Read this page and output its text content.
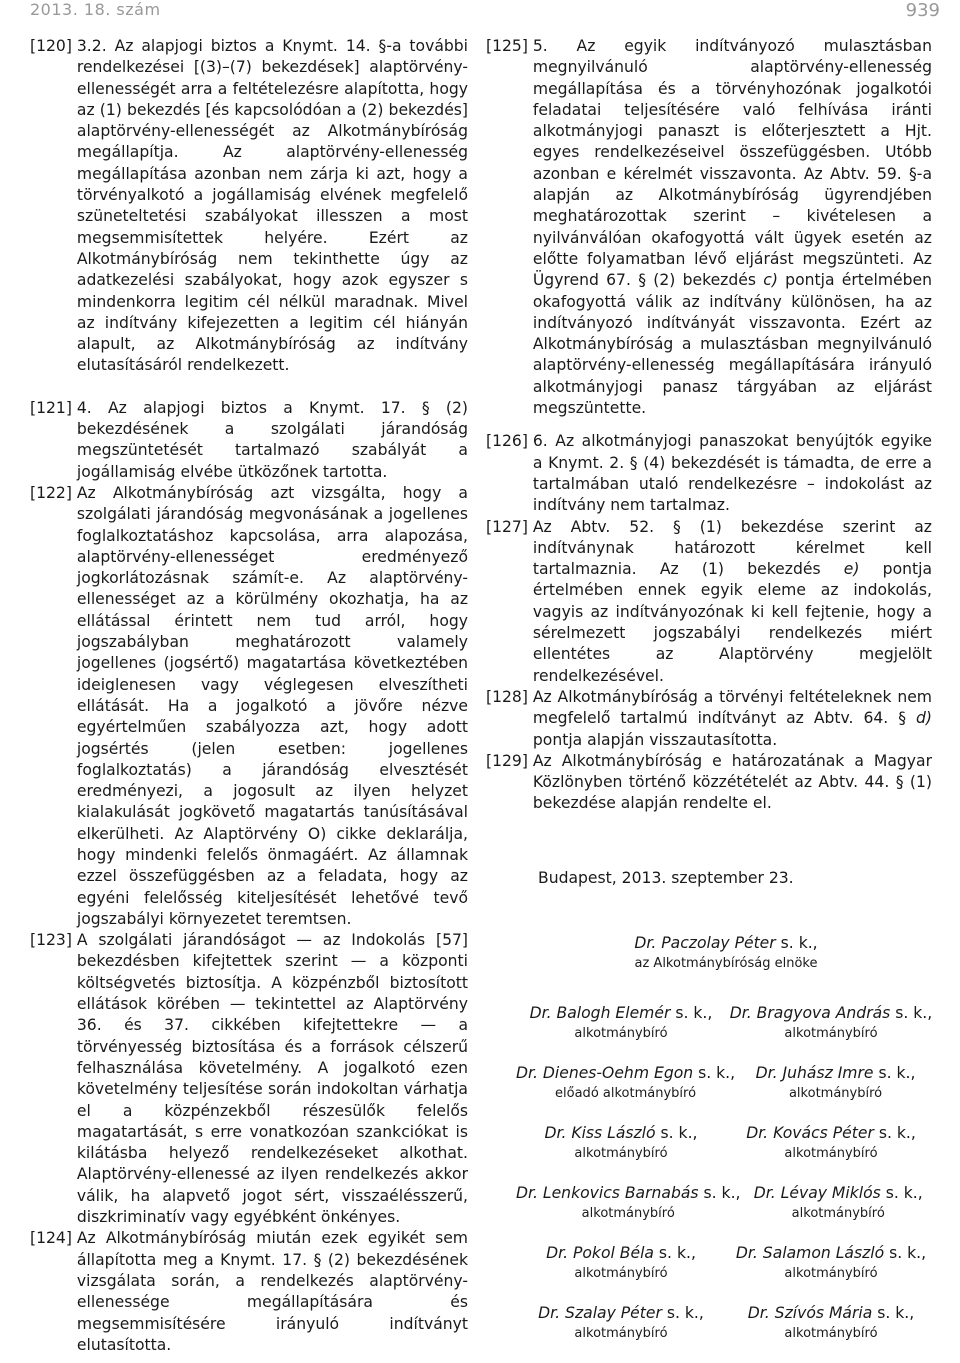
2013. 18. szám	939
[120] 3.2. Az alapjogi biztos a Knymt. 14. §-a további rendelkezései [(3)–(7) bekezdések] alaptörvény-ellenességét arra a feltételezésre alapította, hogy az (1) bekezdés [és kapcsolódóan a (2) bekezdés] alaptörvény-ellenességét az Alkotmánybíróság megállapítja. Az alaptörvény-ellenesség megállapítása azonban nem zárja ki azt, hogy a törvényalkotó a jogállamiság elvének megfelelő szüneteltetési szabályokat illesszen a most megsemmisítettek helyére. Ezért az Alkotmánybíróság nem tekinthette úgy az adatkezelési szabályokat, hogy azok egyszer s mindenkorra legitim cél nélkül maradnak. Mivel az indítvány kifejezetten a legitim cél hiányán alapult, az Alkotmánybíróság az indítvány elutasításáról rendelkezett.
[121] 4. Az alapjogi biztos a Knymt. 17. § (2) bekezdésének a szolgálati járandóság megszüntetését tartalmazó szabályát a jogállamiság elvébe ütközőnek tartotta.
[122] Az Alkotmánybíróság azt vizsgálta, hogy a szolgálati járandóság megvonásának a jogellenes foglalkoztatáshoz kapcsolása, arra alapozása, alaptörvény-ellenességet eredményező jogkorlátozásnak számít-e. Az alaptörvény-ellenességet az a körülmény okozhatja, ha az ellátással érintett nem tud arról, hogy jogszabályban meghatározott valamely jogellenes (jogsértő) magatartása következtében ideiglenesen vagy véglegesen elveszítheti ellátását. Ha a jogalkotó a jövőre nézve egyértelműen szabályozza azt, hogy adott jogsértés (jelen esetben: jogellenes foglalkoztatás) a járandóság elvesztését eredményezi, a jogosult az ilyen helyzet kialakulását jogkövető magatartás tanúsításával elkerülheti. Az Alaptörvény O) cikke deklarálja, hogy mindenki felelős önmagáért. Az államnak ezzel összefüggésben az a feladata, hogy az egyéni felelősség kiteljesítését lehetővé tevő jogszabályi környezetet teremtsen.
[123] A szolgálati járandóságot — az Indokolás [57] bekezdésben kifejtettek szerint — a központi költségvetés biztosítja. A közpénzből biztosított ellátások körében — tekintettel az Alaptörvény 36. és 37. cikkében kifejtettekre — a törvényesség biztosítása és a források célszerű felhasználása követelmény. A jogalkotó ezen követelmény teljesítése során indokoltan várhatja el a közpénzekből részesülők felelős magatartását, s erre vonatkozóan szankciókat is kilátásba helyező rendelkezéseket alkothat. Alaptörvény-ellenessé az ilyen rendelkezés akkor válik, ha alapvető jogot sért, visszaélésszerű, diszkriminatív vagy egyébként önkényes.
[124] Az Alkotmánybíróság miután ezek egyikét sem állapította meg a Knymt. 17. § (2) bekezdésének vizsgálata során, a rendelkezés alaptörvény-ellenessége megállapítására és megsemmisítésére irányuló indítványt elutasította.
[125] 5. Az egyik indítványozó mulasztásban megnyilvánuló alaptörvény-ellenesség megállapítása és a törvényhozónak jogalkotói feladatai teljesítésére való felhívása iránti alkotmányjogi panaszt is előterjesztett a Hjt. egyes rendelkezéseivel összefüggésben. Utóbb azonban e kérelmét visszavonta. Az Abtv. 59. §-a alapján az Alkotmánybíróság ügyrendjében meghatározottak szerint – kivételesen a nyilvánválóan okafogyottá vált ügyek esetén az előtte folyamatban lévő eljárást megszünteti. Az Ügyrend 67. § (2) bekezdés c) pontja értelmében okafogyottá válik az indítvány különösen, ha az indítványozó indítványát visszavonta. Ezért az Alkotmánybíróság a mulasztásban megnyilvánuló alaptörvény-ellenesség megállapítására irányuló alkotmányjogi panasz tárgyában az eljárást megszüntette.
[126] 6. Az alkotmányjogi panaszokat benyújtók egyike a Knymt. 2. § (4) bekezdését is támadta, de erre a tartalmában utaló rendelkezésre – indokolást az indítvány nem tartalmaz.
[127] Az Abtv. 52. § (1) bekezdése szerint az indítványnak határozott kérelmet kell tartalmaznia. Az (1) bekezdés e) pontja értelmében ennek egyik eleme az indokolás, vagyis az indítványozónak ki kell fejtenie, hogy a sérelmezett jogszabályi rendelkezés miért ellentétes az Alaptörvény megjelölt rendelkezésével.
[128] Az Alkotmánybíróság a törvényi feltételeknek nem megfelelő tartalmú indítványt az Abtv. 64. § d) pontja alapján visszautasította.
[129] Az Alkotmánybíróság e határozatának a Magyar Közlönyben történő közzétételét az Abtv. 44. § (1) bekezdése alapján rendelte el.
Budapest, 2013. szeptember 23.
Dr. Paczolay Péter s. k.,
az Alkotmánybíróság elnöke
Dr. Balogh Elemér s. k.,
alkotmánybíró
Dr. Bragyova András s. k.,
alkotmánybíró
Dr. Dienes-Oehm Egon s. k.,
előadó alkotmánybíró
Dr. Juhász Imre s. k.,
alkotmánybíró
Dr. Kiss László s. k.,
alkotmánybíró
Dr. Kovács Péter s. k.,
alkotmánybíró
Dr. Lenkovics Barnabás s. k.,
alkotmánybíró
Dr. Lévay Miklós s. k.,
alkotmánybíró
Dr. Pokol Béla s. k.,
alkotmánybíró
Dr. Salamon László s. k.,
alkotmánybíró
Dr. Szalay Péter s. k.,
alkotmánybíró
Dr. Szívós Mária s. k.,
alkotmánybíró
